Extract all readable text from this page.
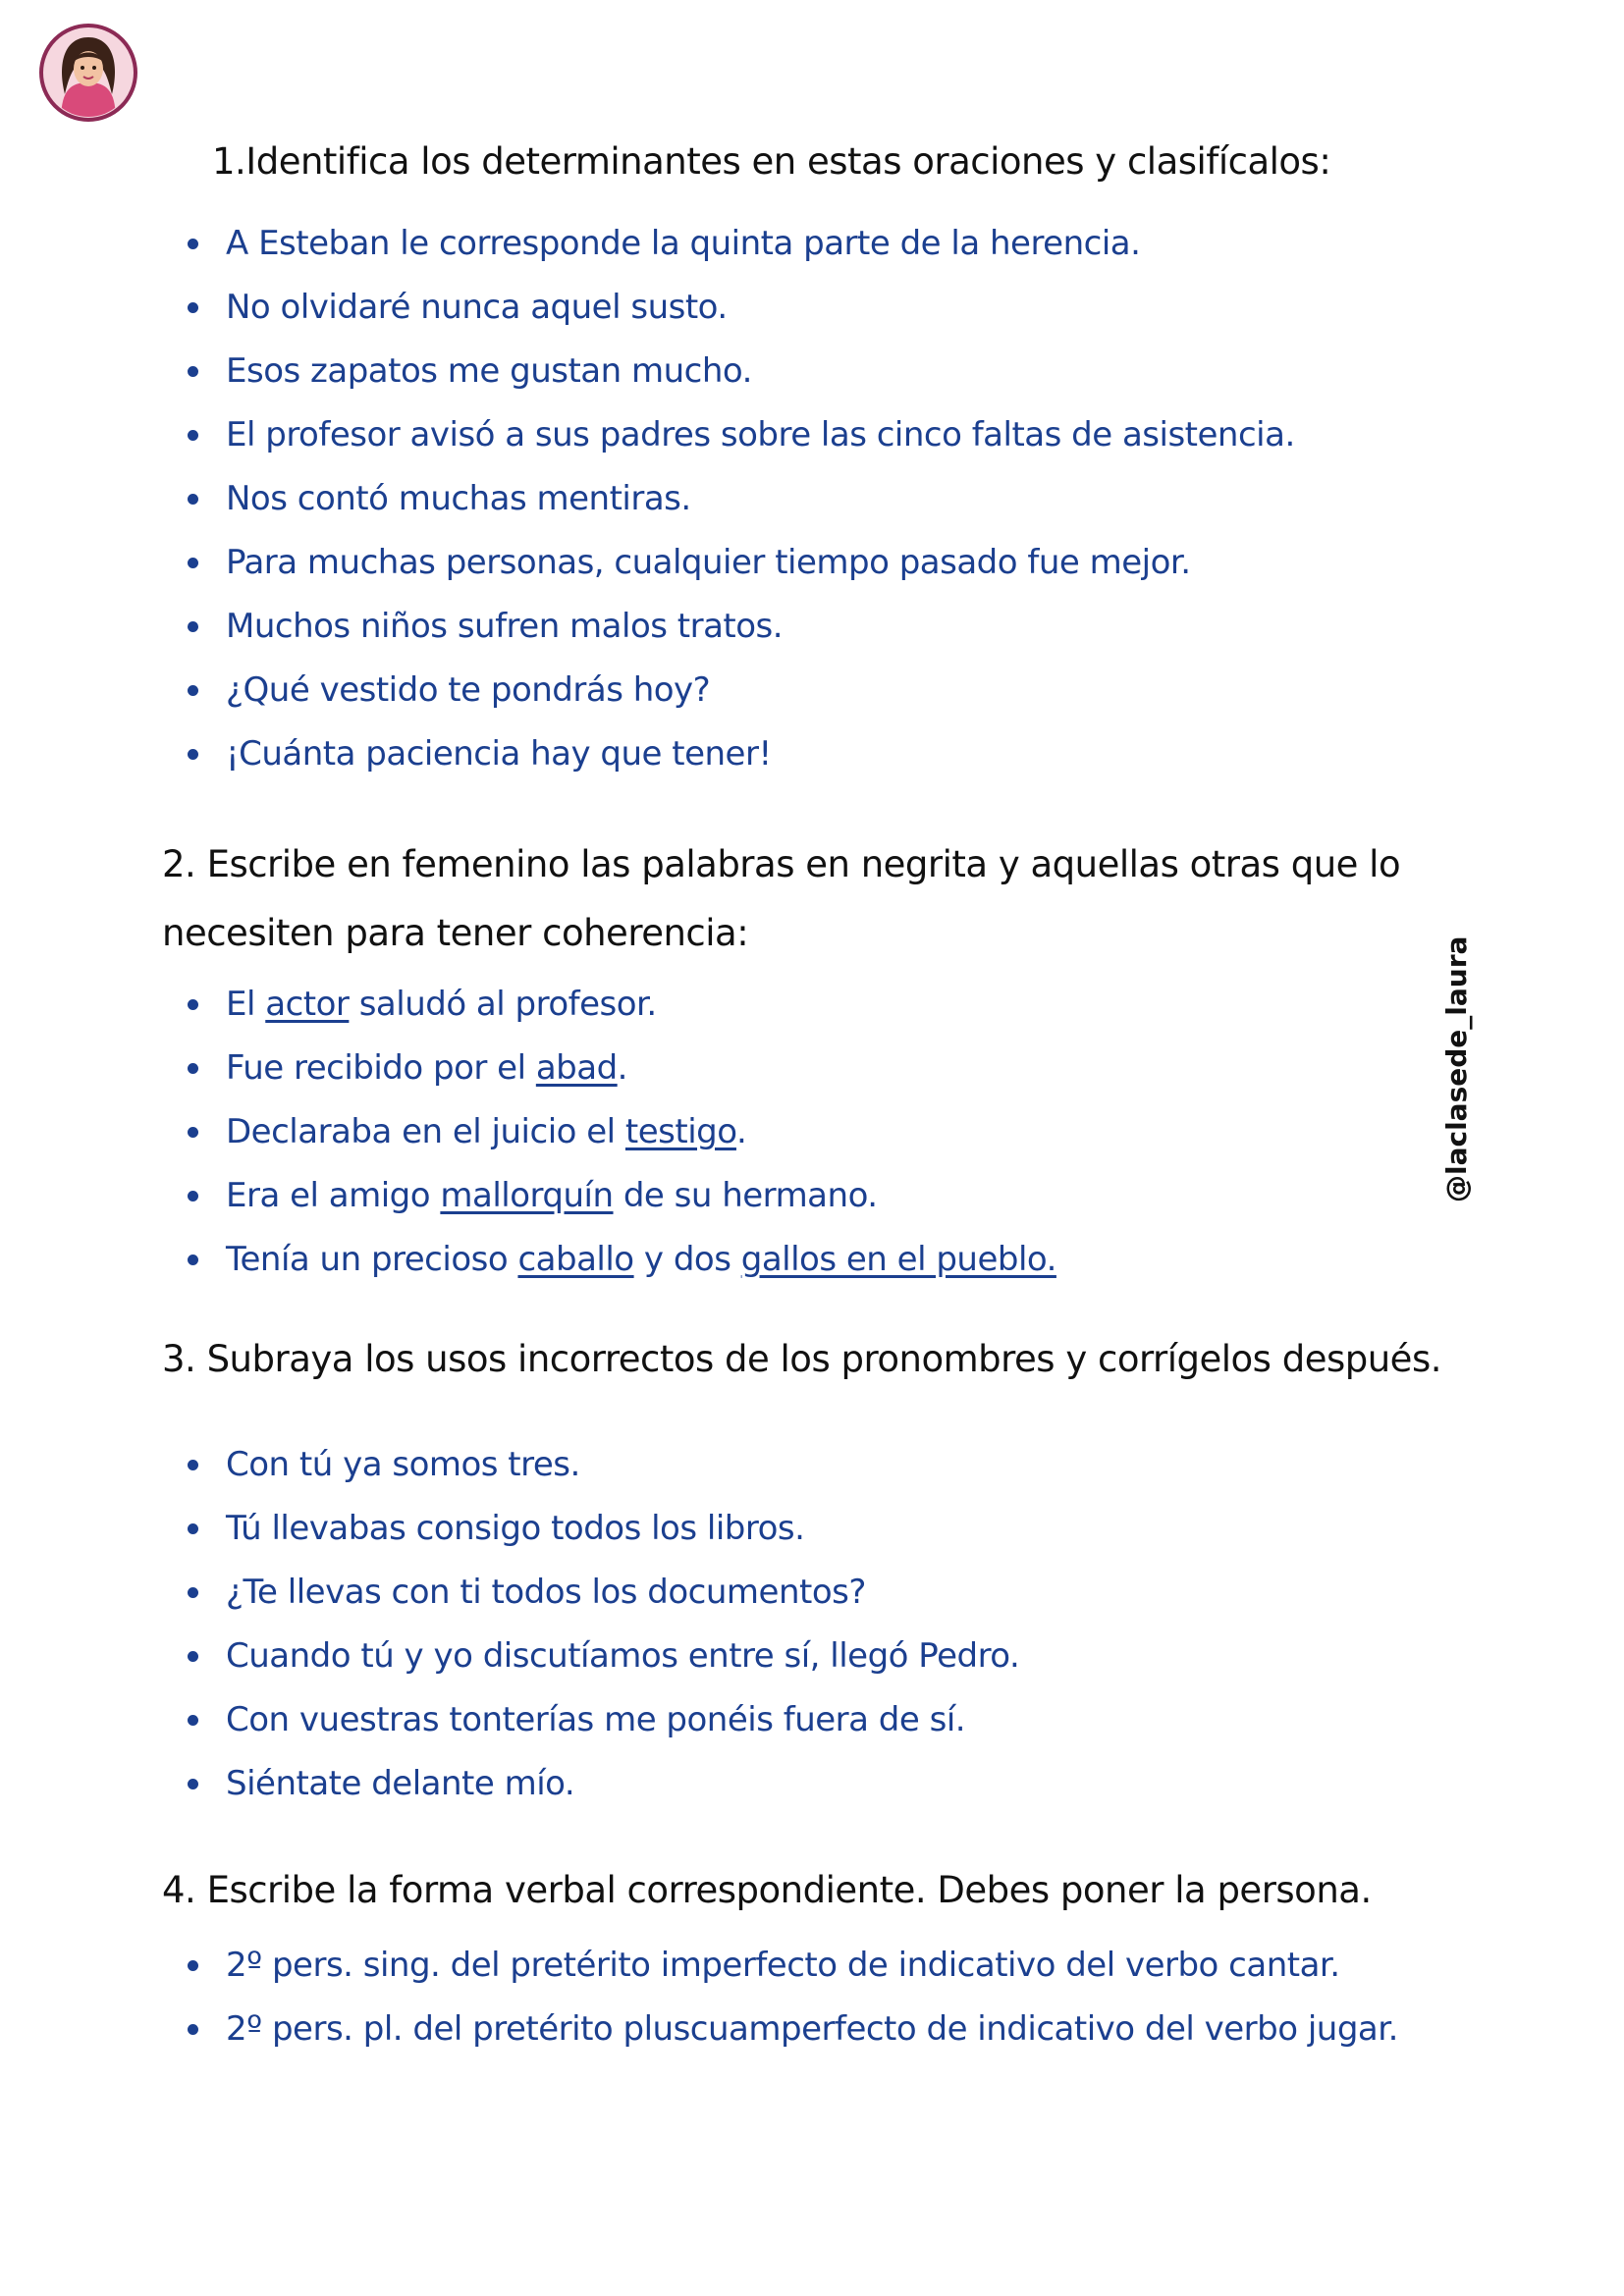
@laclasede_laura
1.Identifica los determinantes en estas oraciones y clasifícalos:
A Esteban le corresponde la quinta parte de la herencia.
No olvidaré nunca aquel susto.
Esos zapatos me gustan mucho.
El profesor avisó a sus padres sobre las cinco faltas de asistencia.
Nos contó muchas mentiras.
Para muchas personas, cualquier tiempo pasado fue mejor.
Muchos niños sufren malos tratos.
¿Qué vestido te pondrás hoy?
¡Cuánta paciencia hay que tener!
2. Escribe en femenino las palabras en negrita y aquellas otras que lo necesiten para tener coherencia:
El actor saludó al profesor.
Fue recibido por el abad.
Declaraba en el juicio el testigo.
Era el amigo mallorquín de su hermano.
Tenía un precioso caballo y dos gallos en el pueblo.
3. Subraya los usos incorrectos de los pronombres y corrígelos después.
Con tú ya somos tres.
Tú llevabas consigo todos los libros.
¿Te llevas con ti todos los documentos?
Cuando tú y yo discutíamos entre sí, llegó Pedro.
Con vuestras tonterías me ponéis fuera de sí.
Siéntate delante mío.
4. Escribe la forma verbal correspondiente. Debes poner la persona.
2º pers. sing. del pretérito imperfecto de indicativo del verbo cantar.
2º pers. pl. del pretérito pluscuamperfecto de indicativo del verbo jugar.
